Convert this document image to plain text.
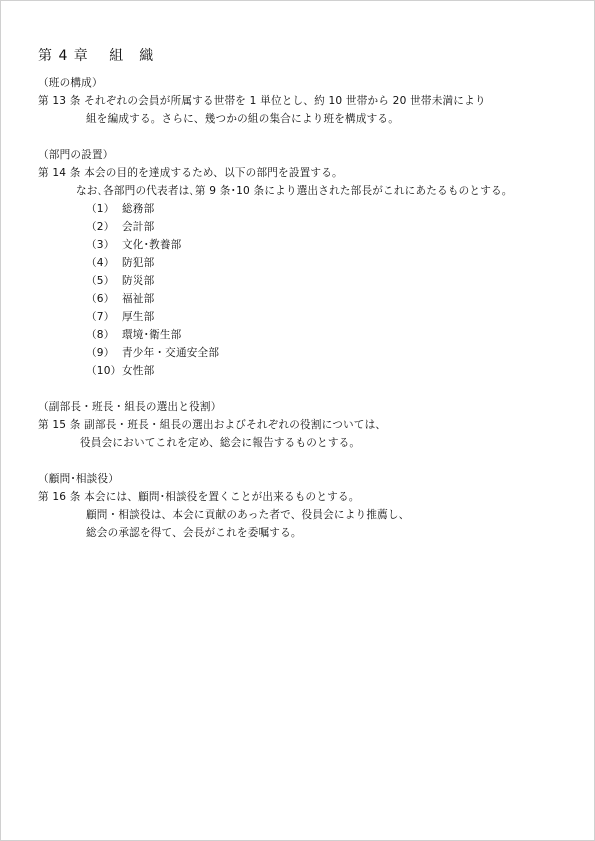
第 4 章　 組　織
（班の構成）
第 13 条 それぞれの会員が所属する世帯を 1 単位とし、約 10 世帯から 20 世帯未満により
組を編成する。さらに、幾つかの組の集合により班を構成する。
（部門の設置）
第 14 条 本会の目的を達成するため、以下の部門を設置する。
なお､各部門の代表者は､第 9 条･10 条により選出された部長がこれにあたるものとする。
（1） 総務部
（2） 会計部
（3） 文化･教養部
（4） 防犯部
（5） 防災部
（6） 福祉部
（7） 厚生部
（8） 環境･衛生部
（9） 青少年・交通安全部
（10）女性部
（副部長・班長・組長の選出と役割）
第 15 条 副部長・班長・組長の選出およびそれぞれの役割については、
役員会においてこれを定め、総会に報告するものとする。
（顧問･相談役）
第 16 条 本会には、顧問･相談役を置くことが出来るものとする。
顧問・相談役は、本会に貢献のあった者で、役員会により推薦し、
総会の承認を得て、会長がこれを委嘱する。
